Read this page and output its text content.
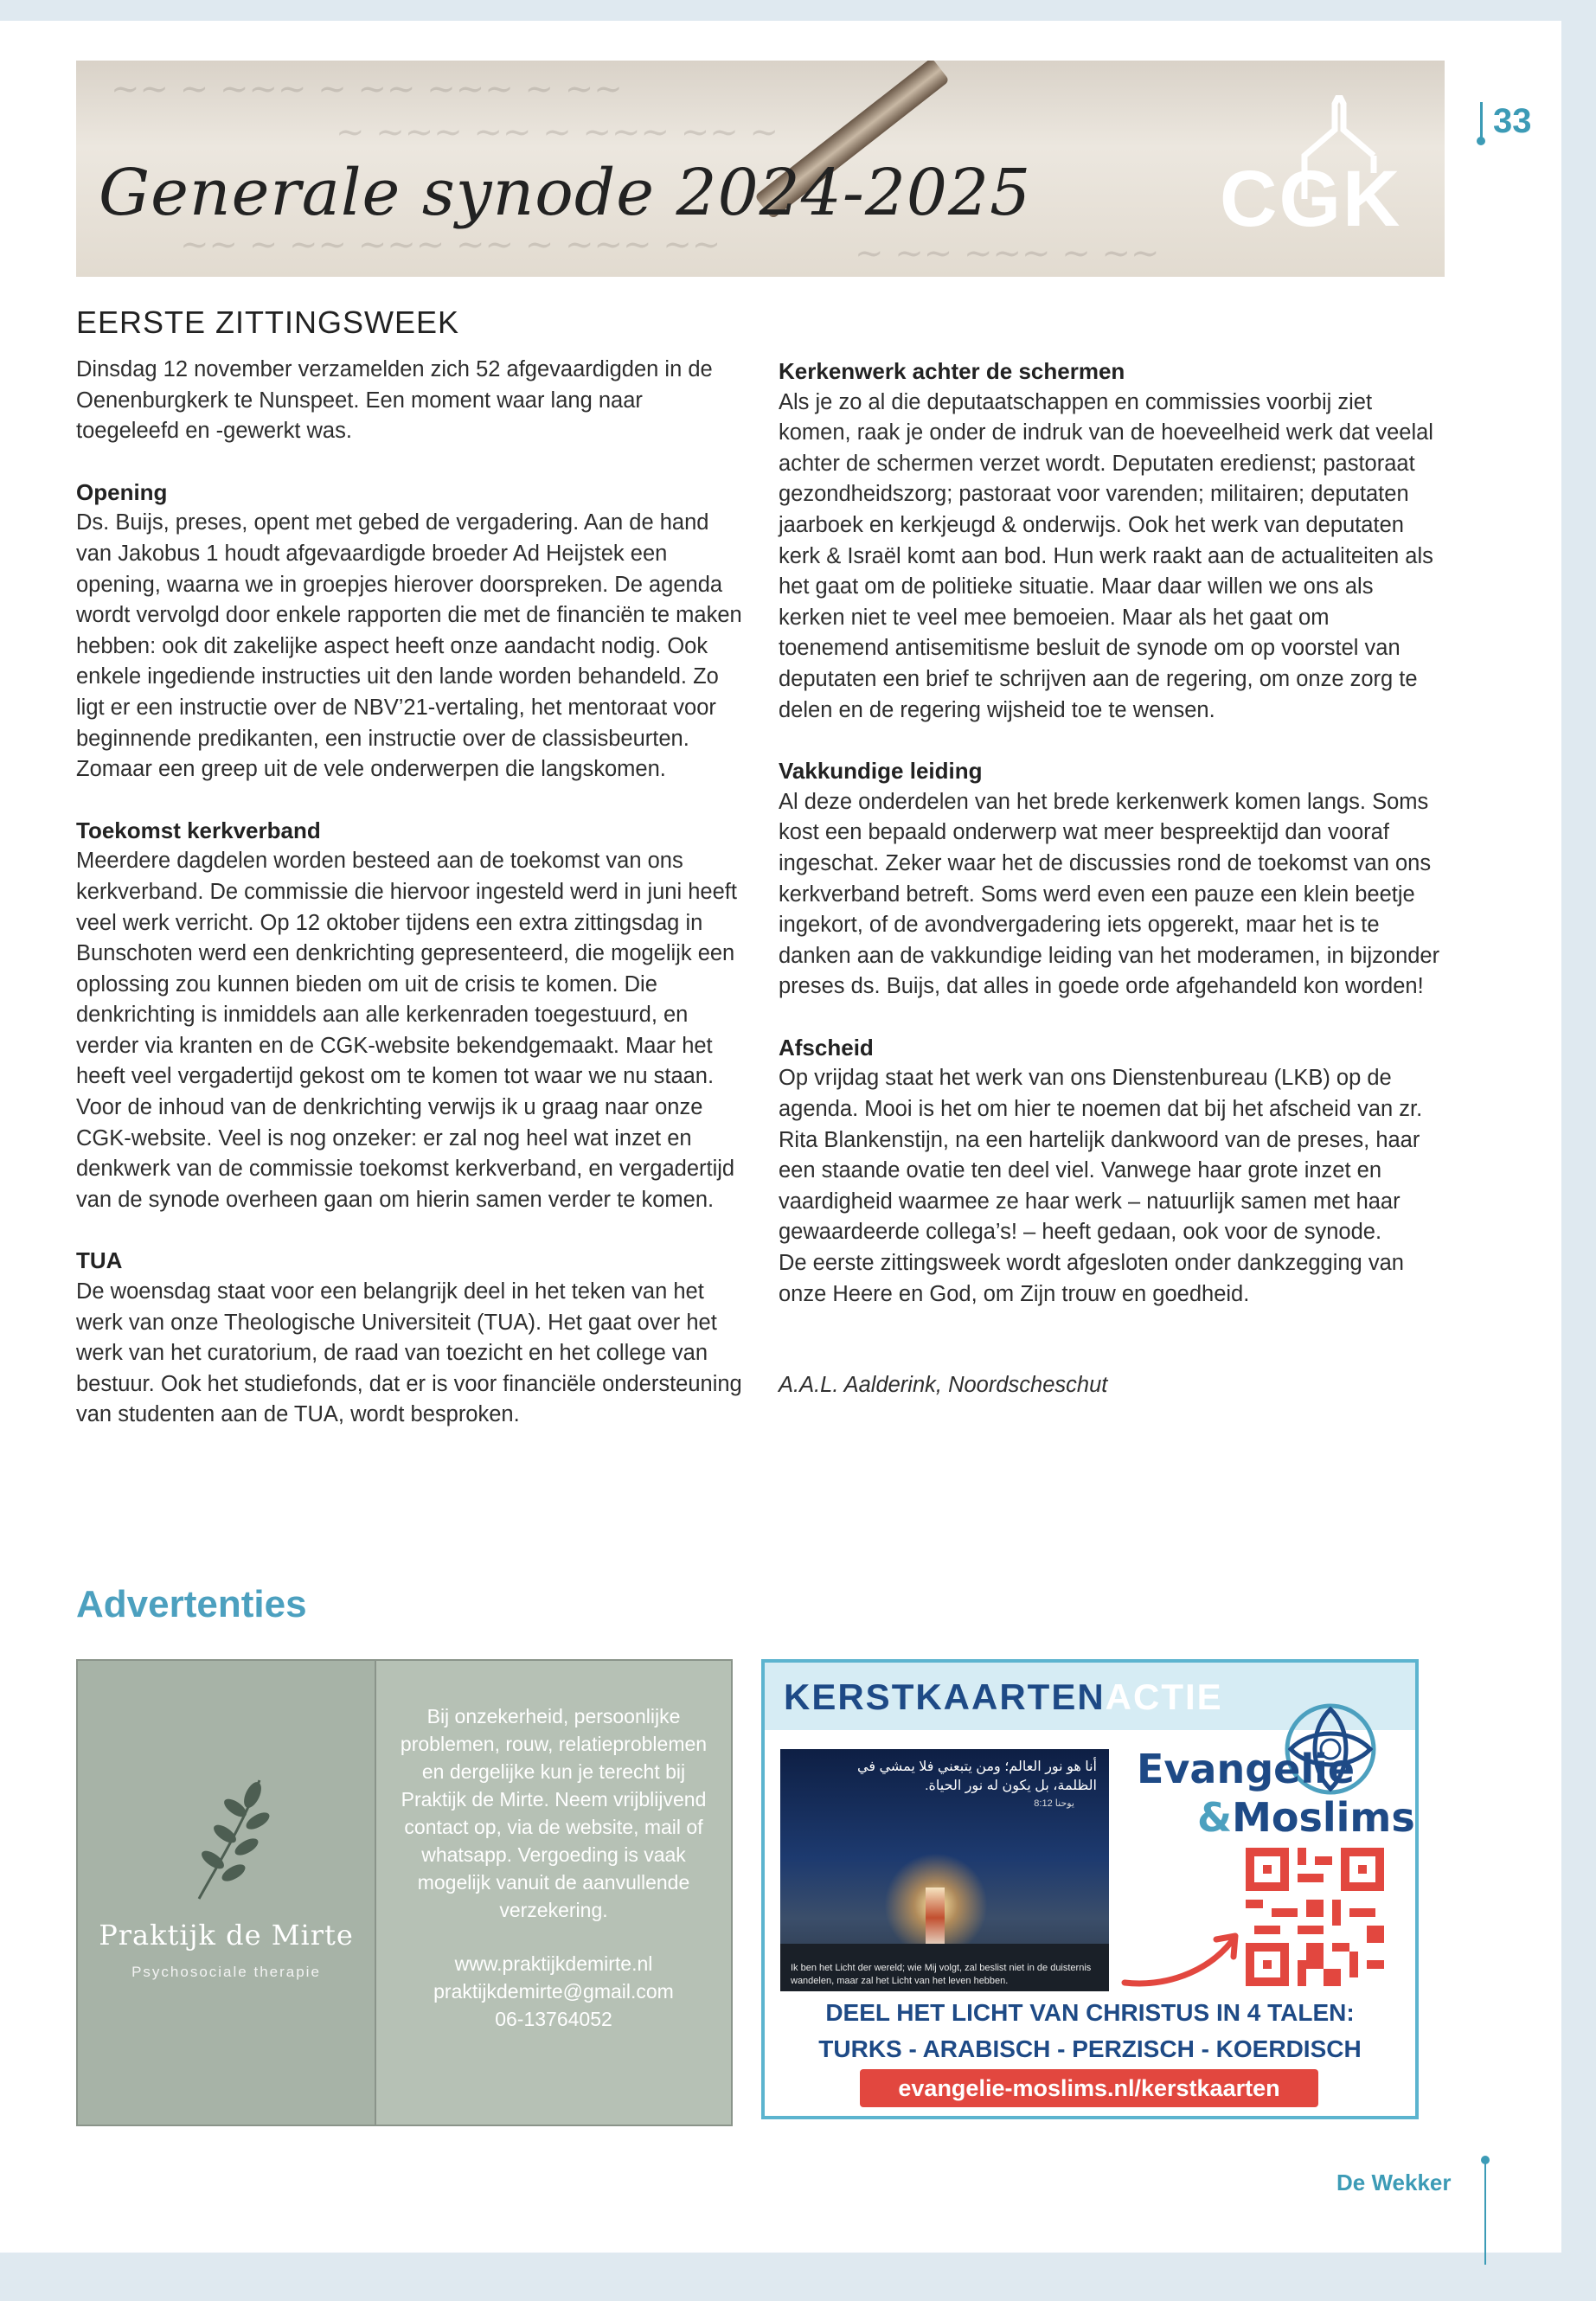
~~ ~ ~~~ ~ ~~ ~~~ ~ ~~
~ ~~~ ~~ ~ ~~~ ~~ ~
~~ ~ ~~ ~~~ ~~ ~ ~~~ ~~	~ ~~ ~~~ ~ ~~
Generale synode 2024-2025 CGK
33
EERSTE ZITTINGSWEEK

Dinsdag 12 november verzamelden zich 52 afgevaardigden in de Oenenburgkerk te Nunspeet. Een moment waar lang naar toegeleefd en -gewerkt was.

Opening

Ds. Buijs, preses, opent met gebed de vergadering. Aan de hand van Jakobus 1 houdt afgevaardigde broeder Ad Heijstek een opening, waarna we in groepjes hierover doorspreken. De agenda wordt vervolgd door enkele rapporten die met de financiën te maken hebben: ook dit zakelijke aspect heeft onze aandacht nodig. Ook enkele ingediende instructies uit den lande worden behandeld. Zo ligt er een instructie over de NBV’21-vertaling, het mentoraat voor beginnende predikanten, een instructie over de classisbeurten. Zomaar een greep uit de vele onderwerpen die langskomen.

Toekomst kerkverband

Meerdere dagdelen worden besteed aan de toekomst van ons kerkverband. De commissie die hiervoor ingesteld werd in juni heeft veel werk verricht. Op 12 oktober tijdens een extra zittingsdag in Bunschoten werd een denkrichting gepresenteerd, die mogelijk een oplossing zou kunnen bieden om uit de crisis te komen. Die denkrichting is inmiddels aan alle kerkenraden toegestuurd, en verder via kranten en de CGK-website bekendgemaakt. Maar het heeft veel vergadertijd gekost om te komen tot waar we nu staan. Voor de inhoud van de denkrichting verwijs ik u graag naar onze CGK-website. Veel is nog onzeker: er zal nog heel wat inzet en denkwerk van de commissie toekomst kerkverband, en vergadertijd van de synode overheen gaan om hierin samen verder te komen.

TUA

De woensdag staat voor een belangrijk deel in het teken van het werk van onze Theologische Universiteit (TUA). Het gaat over het werk van het curatorium, de raad van toezicht en het college van bestuur. Ook het studiefonds, dat er is voor financiële ondersteuning van studenten aan de TUA, wordt besproken.

Kerkenwerk achter de schermen

Als je zo al die deputaatschappen en commissies voorbij ziet komen, raak je onder de indruk van de hoeveelheid werk dat veelal achter de schermen verzet wordt. Deputaten eredienst; pastoraat gezondheidszorg; pastoraat voor varenden; militairen; deputaten jaarboek en kerkjeugd & onderwijs. Ook het werk van deputaten kerk & Israël komt aan bod. Hun werk raakt aan de actualiteiten als het gaat om de politieke situatie. Maar daar willen we ons als kerken niet te veel mee bemoeien. Maar als het gaat om toenemend antisemitisme besluit de synode om op voorstel van deputaten een brief te schrijven aan de regering, om onze zorg te delen en de regering wijsheid toe te wensen.

Vakkundige leiding

Al deze onderdelen van het brede kerkenwerk komen langs. Soms kost een bepaald onderwerp wat meer bespreektijd dan vooraf ingeschat. Zeker waar het de discussies rond de toekomst van ons kerkverband betreft. Soms werd even een pauze een klein beetje ingekort, of de avondvergadering iets opgerekt, maar het is te danken aan de vakkundige leiding van het moderamen, in bijzonder preses ds. Buijs, dat alles in goede orde afgehandeld kon worden!

Afscheid

Op vrijdag staat het werk van ons Dienstenbureau (LKB) op de agenda. Mooi is het om hier te noemen dat bij het afscheid van zr. Rita Blankenstijn, na een hartelijk dankwoord van de preses, haar een staande ovatie ten deel viel. Vanwege haar grote inzet en vaardigheid waarmee ze haar werk – natuurlijk samen met haar gewaardeerde collega’s! – heeft gedaan, ook voor de synode.

De eerste zittingsweek wordt afgesloten onder dankzegging van onze Heere en God, om Zijn trouw en goedheid.

A.A.L. Aalderink, Noordscheschut

Advertenties
Praktijk de Mirte
Psychosociale therapie
Bij onzekerheid, persoonlijke problemen, rouw, relatieproblemen en dergelijke kun je terecht bij Praktijk de Mirte. Neem vrijblijvend contact op, via de website, mail of whatsapp. Vergoeding is vaak mogelijk vanuit de aanvullende verzekering.
www.praktijkdemirte.nl
praktijkdemirte@gmail.com
06-13764052
KERSTKAARTENACTIE
أنا هو نور العالم؛ ومن يتبعني فلا يمشي في الظلمة، بل يكون له نور الحياة.
يوحنا 8:12
Ik ben het Licht der wereld; wie Mij volgt, zal beslist niet in de duisternis wandelen, maar zal het Licht van het leven hebben.
Evangelie
&Moslims
DEEL HET LICHT VAN CHRISTUS IN 4 TALEN:
TURKS - ARABISCH - PERZISCH - KOERDISCH
evangelie-moslims.nl/kerstkaarten
De Wekker
